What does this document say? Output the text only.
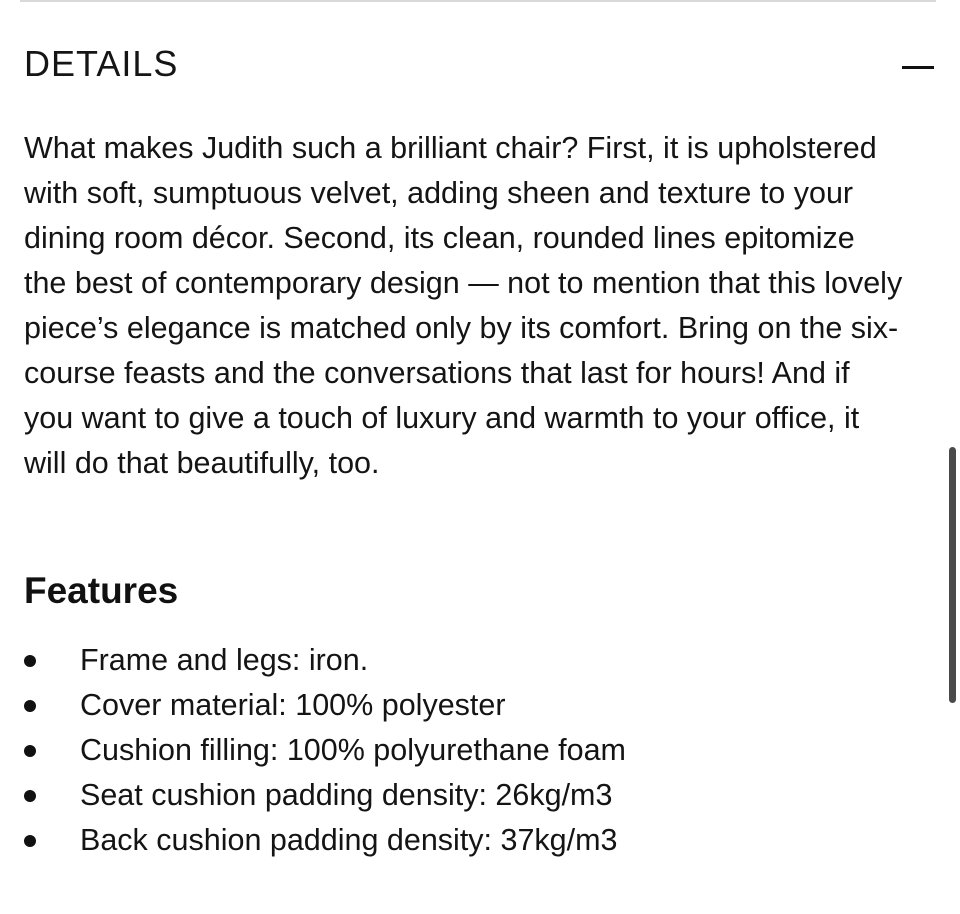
DETAILS

What makes Judith such a brilliant chair? First, it is upholstered with soft, sumptuous velvet, adding sheen and texture to your dining room décor. Second, its clean, rounded lines epitomize the best of contemporary design — not to mention that this lovely piece’s elegance is matched only by its comfort. Bring on the six-course feasts and the conversations that last for hours! And if you want to give a touch of luxury and warmth to your office, it will do that beautifully, too.

Features
Frame and legs: iron.
Cover material: 100% polyester
Cushion filling: 100% polyurethane foam
Seat cushion padding density: 26kg/m3
Back cushion padding density: 37kg/m3
